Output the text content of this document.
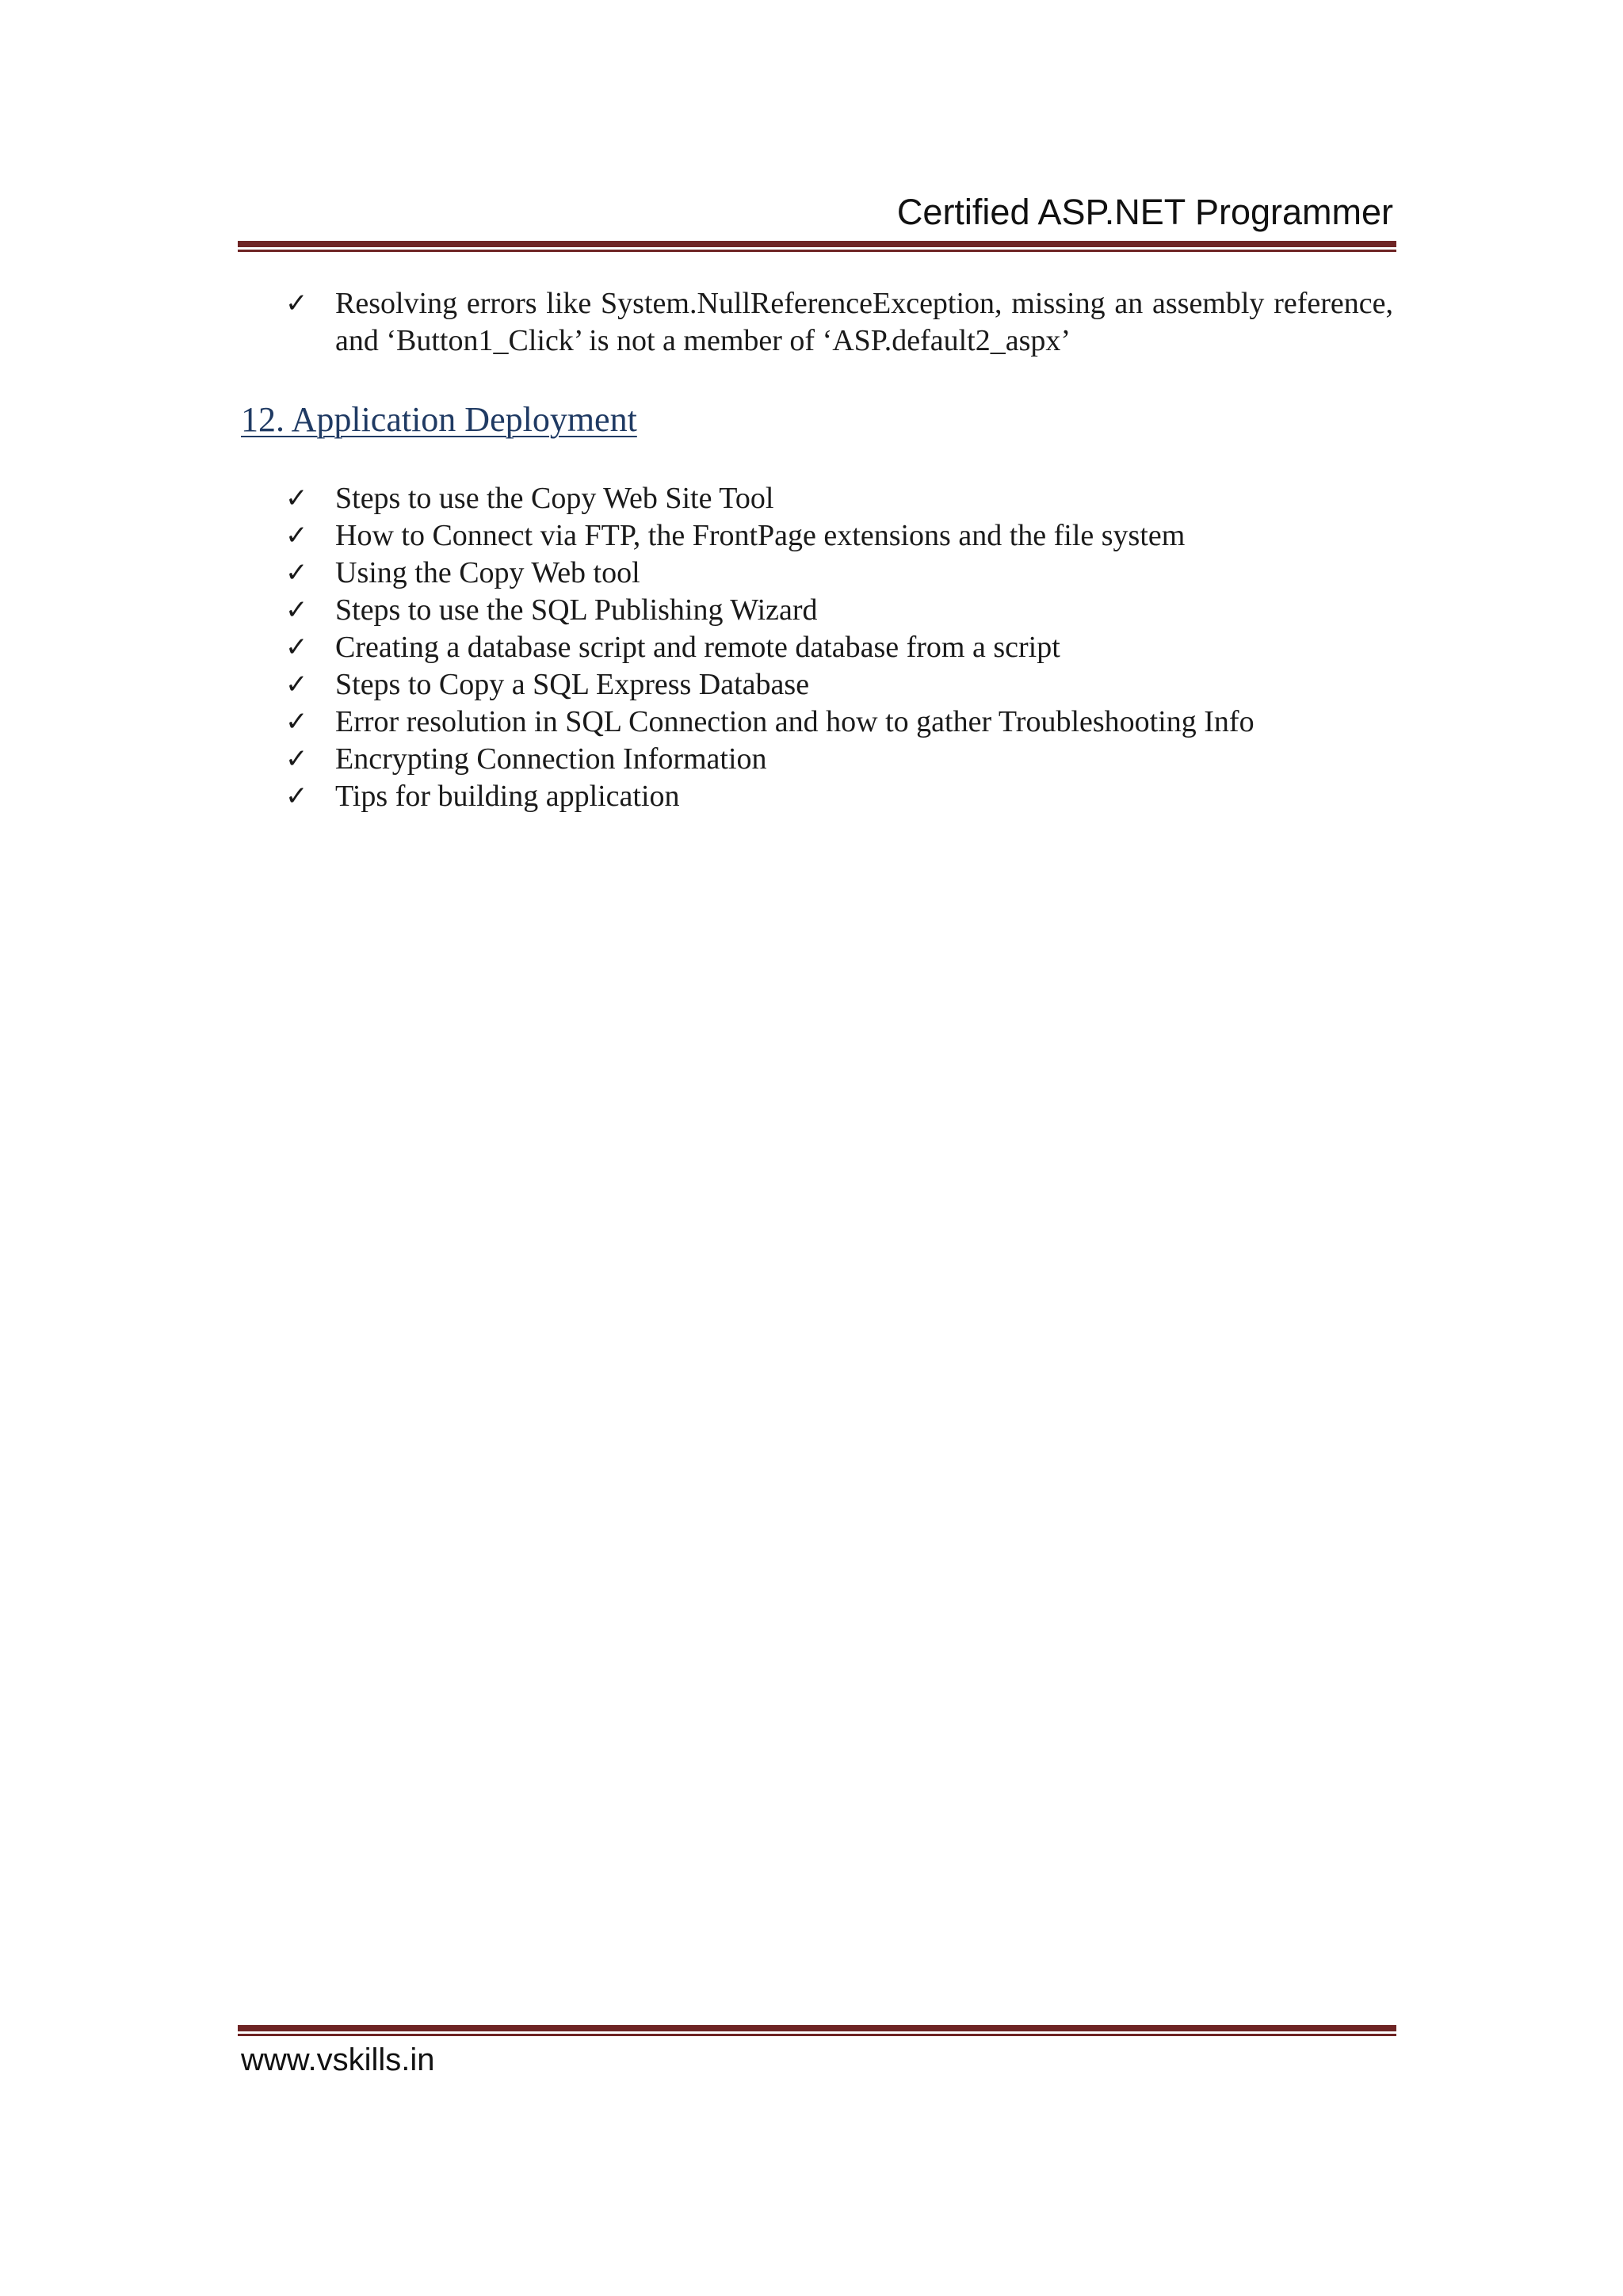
Certified ASP.NET Programmer
✓ Resolving errors like System.NullReferenceException, missing an assembly reference, and ‘Button1_Click’ is not a member of ‘ASP.default2_aspx’
12. Application Deployment
✓ Steps to use the Copy Web Site Tool
✓ How to Connect via FTP, the FrontPage extensions and the file system
✓ Using the Copy Web tool
✓ Steps to use the SQL Publishing Wizard
✓ Creating a database script and remote database from a script
✓ Steps to Copy a SQL Express Database
✓ Error resolution in SQL Connection and how to gather Troubleshooting Info
✓ Encrypting Connection Information
✓ Tips for building application
www.vskills.in
